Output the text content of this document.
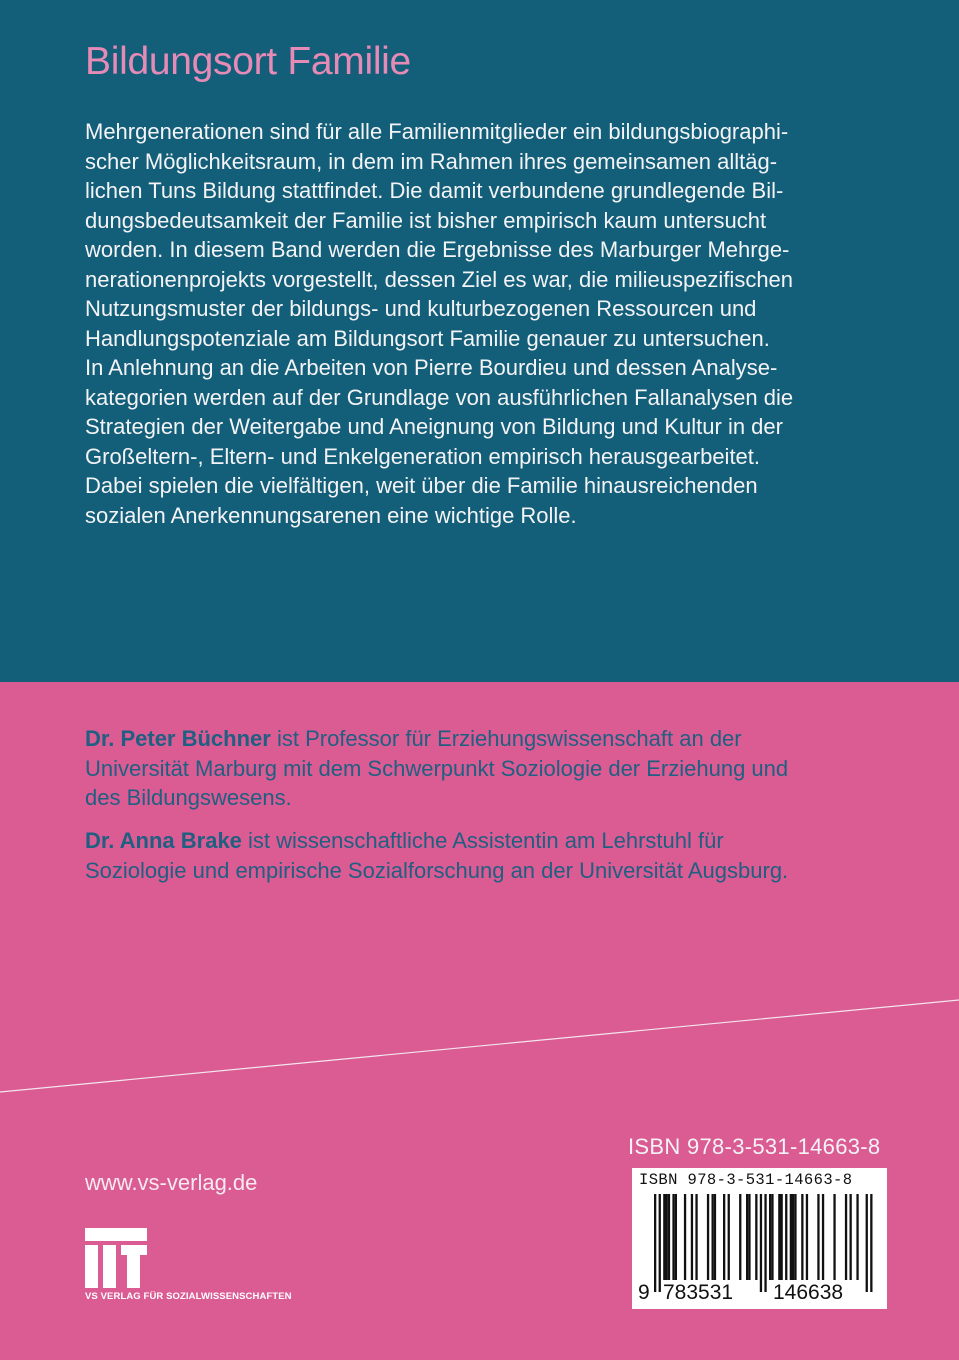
Bildungsort Familie
Mehrgenerationen sind für alle Familienmitglieder ein bildungsbiographi-
scher Möglichkeitsraum, in dem im Rahmen ihres gemeinsamen alltäg-
lichen Tuns Bildung stattfindet. Die damit verbundene grundlegende Bil-
dungsbedeutsamkeit der Familie ist bisher empirisch kaum untersucht
worden. In diesem Band werden die Ergebnisse des Marburger Mehrge-
nerationenprojekts vorgestellt, dessen Ziel es war, die milieuspezifischen
Nutzungsmuster der bildungs- und kulturbezogenen Ressourcen und
Handlungspotenziale am Bildungsort Familie genauer zu untersuchen.
In Anlehnung an die Arbeiten von Pierre Bourdieu und dessen Analyse-
kategorien werden auf der Grundlage von ausführlichen Fallanalysen die
Strategien der Weitergabe und Aneignung von Bildung und Kultur in der
Großeltern-, Eltern- und Enkelgeneration empirisch herausgearbeitet.
Dabei spielen die vielfältigen, weit über die Familie hinausreichenden
sozialen Anerkennungsarenen eine wichtige Rolle.
Dr. Peter Büchner ist Professor für Erziehungswissenschaft an der
Universität Marburg mit dem Schwerpunkt Soziologie der Erziehung und
des Bildungswesens.
Dr. Anna Brake ist wissenschaftliche Assistentin am Lehrstuhl für
Soziologie und empirische Sozialforschung an der Universität Augsburg.
www.vs-verlag.de
VS VERLAG FÜR SOZIALWISSENSCHAFTEN
ISBN 978-3-531-14663-8
ISBN 978-3-531-14663-8
9 783531 146638
